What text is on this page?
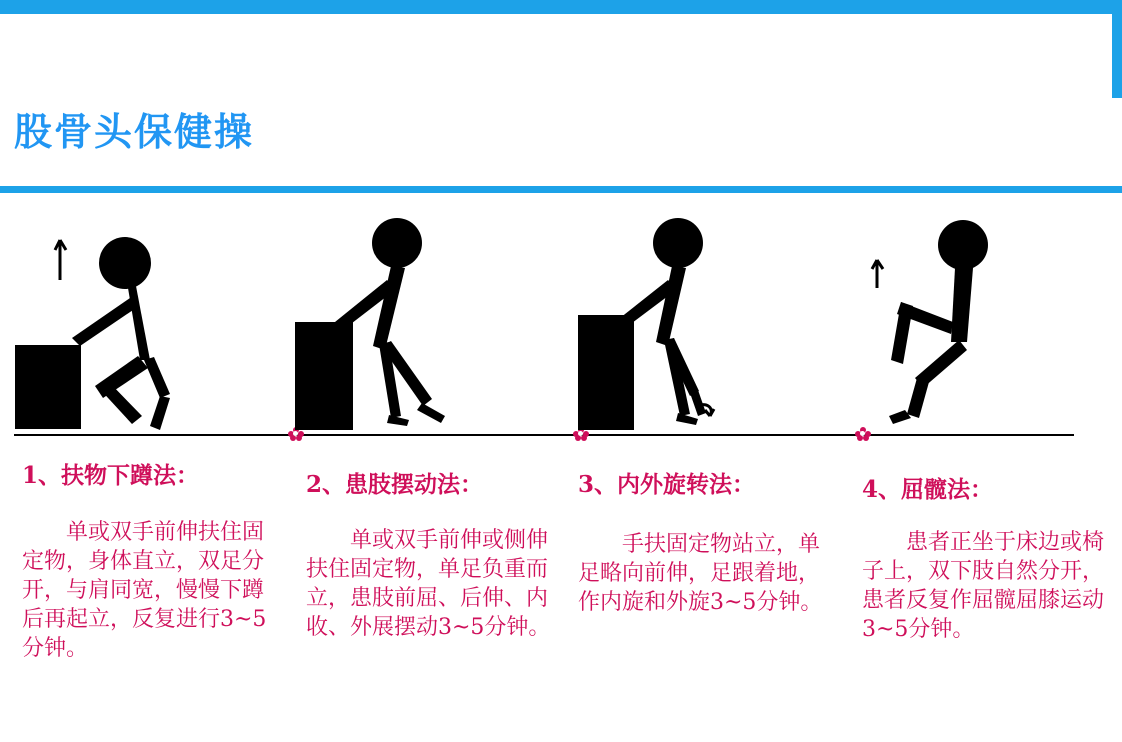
股骨头保健操
1、扶物下蹲法：
单或双手前伸扶住固定物，身体直立，双足分开，与肩同宽，慢慢下蹲后再起立，反复进行3~5分钟。
2、患肢摆动法：
单或双手前伸或侧伸扶住固定物，单足负重而立，患肢前屈、后伸、内收、外展摆动3~5分钟。
3、内外旋转法：
手扶固定物站立，单足略向前伸，足跟着地，作内旋和外旋3~5分钟。
4、屈髋法：
患者正坐于床边或椅子上，双下肢自然分开，患者反复作屈髋屈膝运动3~5分钟。
